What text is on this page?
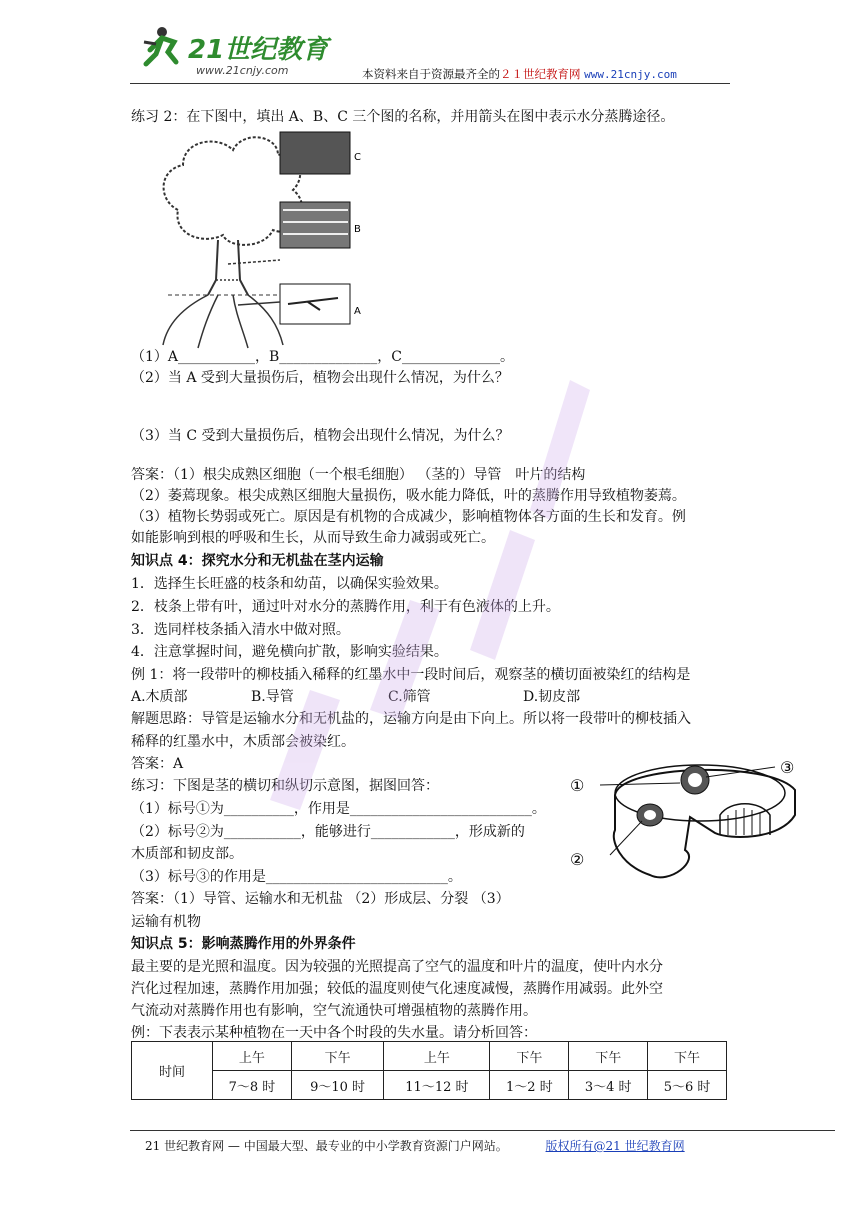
21世纪教育
www.21cnjy.com	本资料来自于资源最齐全的２１世纪教育网 www.21cnjy.com
练习 2：在下图中，填出 A、B、C 三个图的名称，并用箭头在图中表示水分蒸腾途径。
C
B
A
（1）A___________，B______________，C______________。
（2）当 A 受到大量损伤后，植物会出现什么情况，为什么？
（3）当 C 受到大量损伤后，植物会出现什么情况，为什么？
答案：（1）根尖成熟区细胞（一个根毛细胞） （茎的）导管　叶片的结构
（2）萎蔫现象。根尖成熟区细胞大量损伤，吸水能力降低，叶的蒸腾作用导致植物萎蔫。
（3）植物长势弱或死亡。原因是有机物的合成减少，影响植物体各方面的生长和发育。例
如能影响到根的呼吸和生长，从而导致生命力减弱或死亡。
知识点 4：探究水分和无机盐在茎内运输
1．选择生长旺盛的枝条和幼苗，以确保实验效果。
2．枝条上带有叶，通过叶对水分的蒸腾作用，利于有色液体的上升。
3．选同样枝条插入清水中做对照。
4．注意掌握时间，避免横向扩散，影响实验结果。
例 1：将一段带叶的柳枝插入稀释的红墨水中一段时间后，观察茎的横切面被染红的结构是
A.木质部	B.导管	C.筛管	D.韧皮部
解题思路：导管是运输水分和无机盐的，运输方向是由下向上。所以将一段带叶的柳枝插入
稀释的红墨水中，木质部会被染红。
答案：A
练习：下图是茎的横切和纵切示意图，据图回答：
（1）标号①为__________，作用是__________________________。
（2）标号②为___________，能够进行____________，形成新的
木质部和韧皮部。
（3）标号③的作用是__________________________。
答案：（1）导管、运输水和无机盐 （2）形成层、分裂 （3）
运输有机物
①
②
③
知识点 5：影响蒸腾作用的外界条件
最主要的是光照和温度。因为较强的光照提高了空气的温度和叶片的温度，使叶内水分
汽化过程加速，蒸腾作用加强；较低的温度则使气化速度减慢，蒸腾作用减弱。此外空
气流动对蒸腾作用也有影响，空气流通快可增强植物的蒸腾作用。
例：下表表示某种植物在一天中各个时段的失水量。请分析回答：
时间	上午	下午	上午	下午	下午	下午
	7～8 时	9～10 时	11～12 时	1～2 时	3～4 时	5～6 时
21 世纪教育网 — 中国最大型、最专业的中小学教育资源门户网站。	版权所有@21 世纪教育网
